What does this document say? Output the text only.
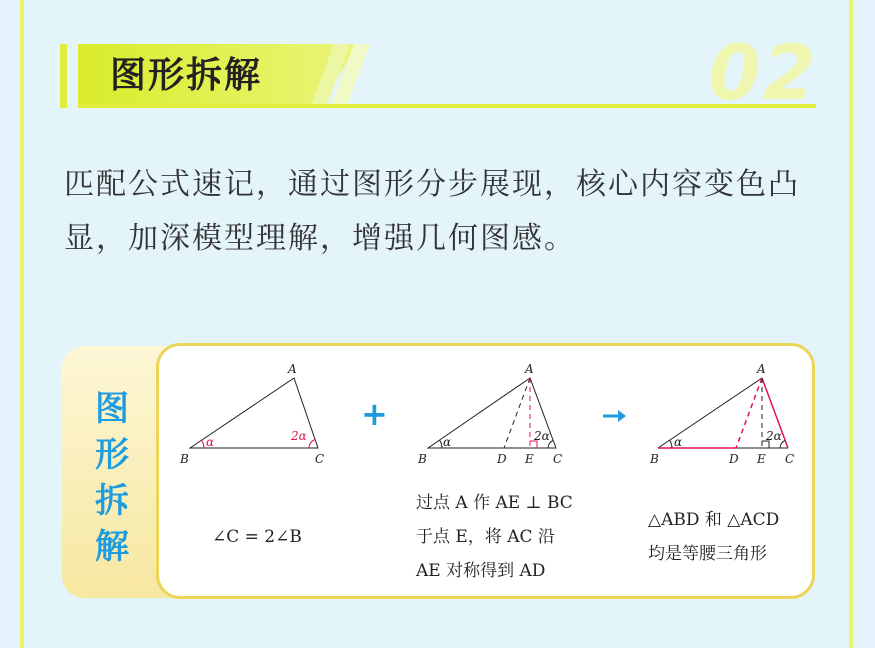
图形拆解	02
匹配公式速记，通过图形分步展现，核心内容变色凸显，加深模型理解，增强几何图感。
图
形
拆
解
A
B	C
α	2α
+
A
B	D E C
α	2α
A
B	D E C
α	2α
∠C = 2∠B
过点 A 作 AE ⊥ BC
于点 E，将 AC 沿
AE 对称得到 AD
△ABD 和 △ACD
均是等腰三角形
